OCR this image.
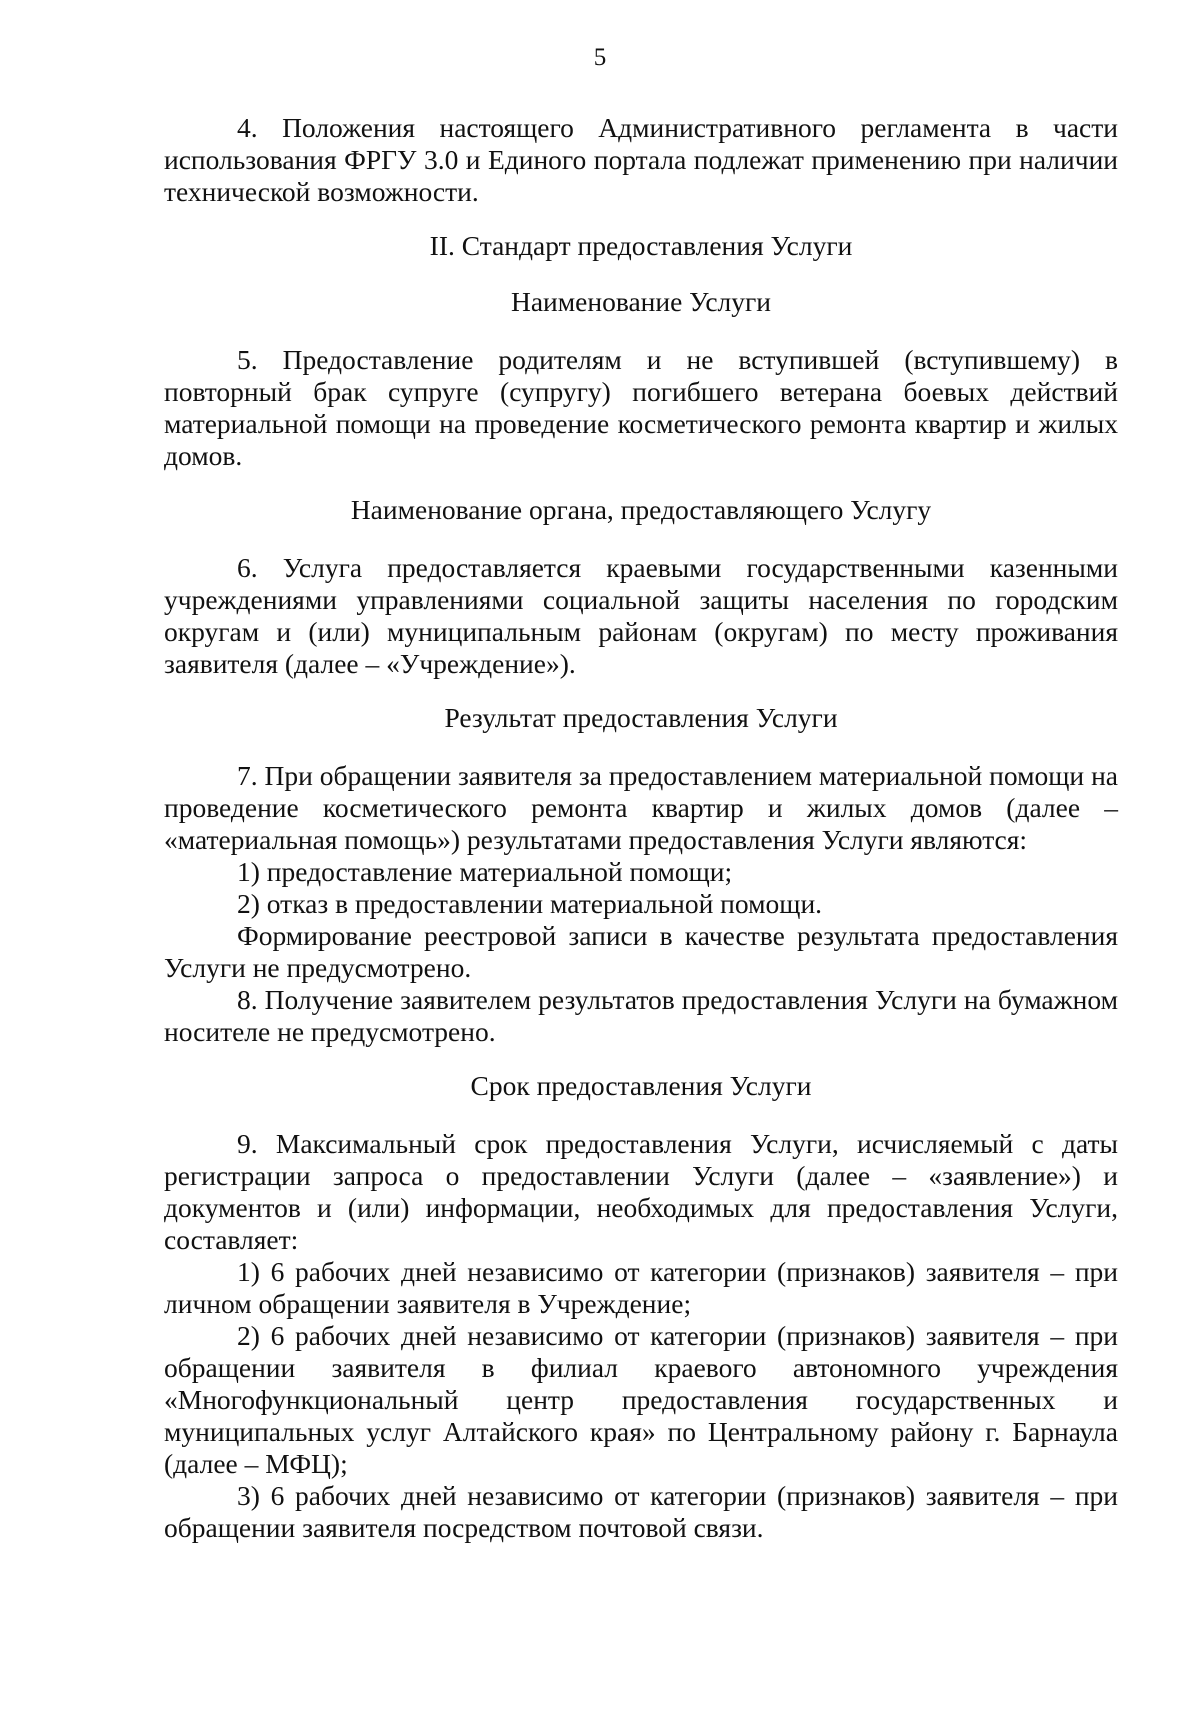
5

4. Положения настоящего Административного регламента в части использования ФРГУ 3.0 и Единого портала подлежат применению при наличии технической возможности.

II. Стандарт предоставления Услуги
Наименование Услуги

5. Предоставление родителям и не вступившей (вступившему) в повторный брак супруге (супругу) погибшего ветерана боевых действий материальной помощи на проведение косметического ремонта квартир и жилых домов.

Наименование органа, предоставляющего Услугу

6. Услуга предоставляется краевыми государственными казенными учреждениями управлениями социальной защиты населения по городским округам и (или) муниципальным районам (округам) по месту проживания заявителя (далее – «Учреждение»).

Результат предоставления Услуги

7. При обращении заявителя за предоставлением материальной помощи на проведение косметического ремонта квартир и жилых домов (далее – «материальная помощь») результатами предоставления Услуги являются:

1) предоставление материальной помощи;

2) отказ в предоставлении материальной помощи.

Формирование реестровой записи в качестве результата предоставления Услуги не предусмотрено.

8. Получение заявителем результатов предоставления Услуги на бумажном носителе не предусмотрено.

Срок предоставления Услуги

9. Максимальный срок предоставления Услуги, исчисляемый с даты регистрации запроса о предоставлении Услуги (далее – «заявление») и документов и (или) информации, необходимых для предоставления Услуги, составляет:

1) 6 рабочих дней независимо от категории (признаков) заявителя – при личном обращении заявителя в Учреждение;

2) 6 рабочих дней независимо от категории (признаков) заявителя – при обращении заявителя в филиал краевого автономного учреждения «Многофункциональный центр предоставления государственных и муниципальных услуг Алтайского края» по Центральному району г. Барнаула (далее – МФЦ);

3) 6 рабочих дней независимо от категории (признаков) заявителя – при обращении заявителя посредством почтовой связи.
